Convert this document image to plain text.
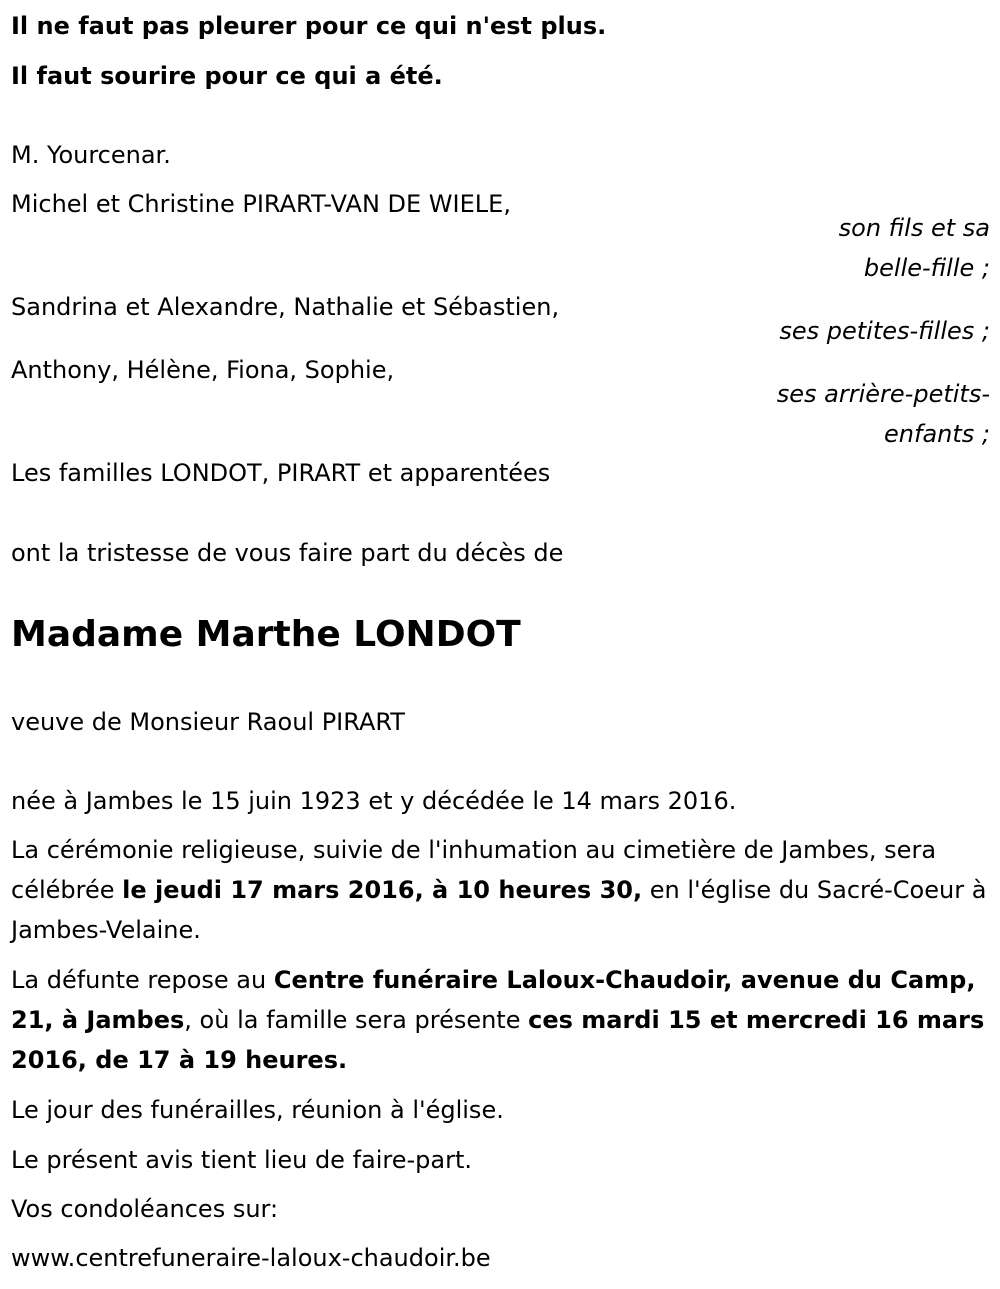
Il ne faut pas pleurer pour ce qui n'est plus.

Il faut sourire pour ce qui a été.

M. Yourcenar.

Michel et Christine PIRART-VAN DE WIELE,

son fils et sa

belle-fille ;

Sandrina et Alexandre, Nathalie et Sébastien,

ses petites-filles ;

Anthony, Hélène, Fiona, Sophie,

ses arrière-petits-

enfants ;

Les familles LONDOT, PIRART et apparentées

ont la tristesse de vous faire part du décès de

Madame Marthe LONDOT

veuve de Monsieur Raoul PIRART

née à Jambes le 15 juin 1923 et y décédée le 14 mars 2016.

La cérémonie religieuse, suivie de l'inhumation au cimetière de Jambes, sera célébrée le jeudi 17 mars 2016, à 10 heures 30, en l'église du Sacré-Coeur à Jambes-Velaine.

La défunte repose au Centre funéraire Laloux-Chaudoir, avenue du Camp, 21, à Jambes, où la famille sera présente ces mardi 15 et mercredi 16 mars 2016, de 17 à 19 heures.

Le jour des funérailles, réunion à l'église.

Le présent avis tient lieu de faire-part.

Vos condoléances sur:

www.centrefuneraire-laloux-chaudoir.be
